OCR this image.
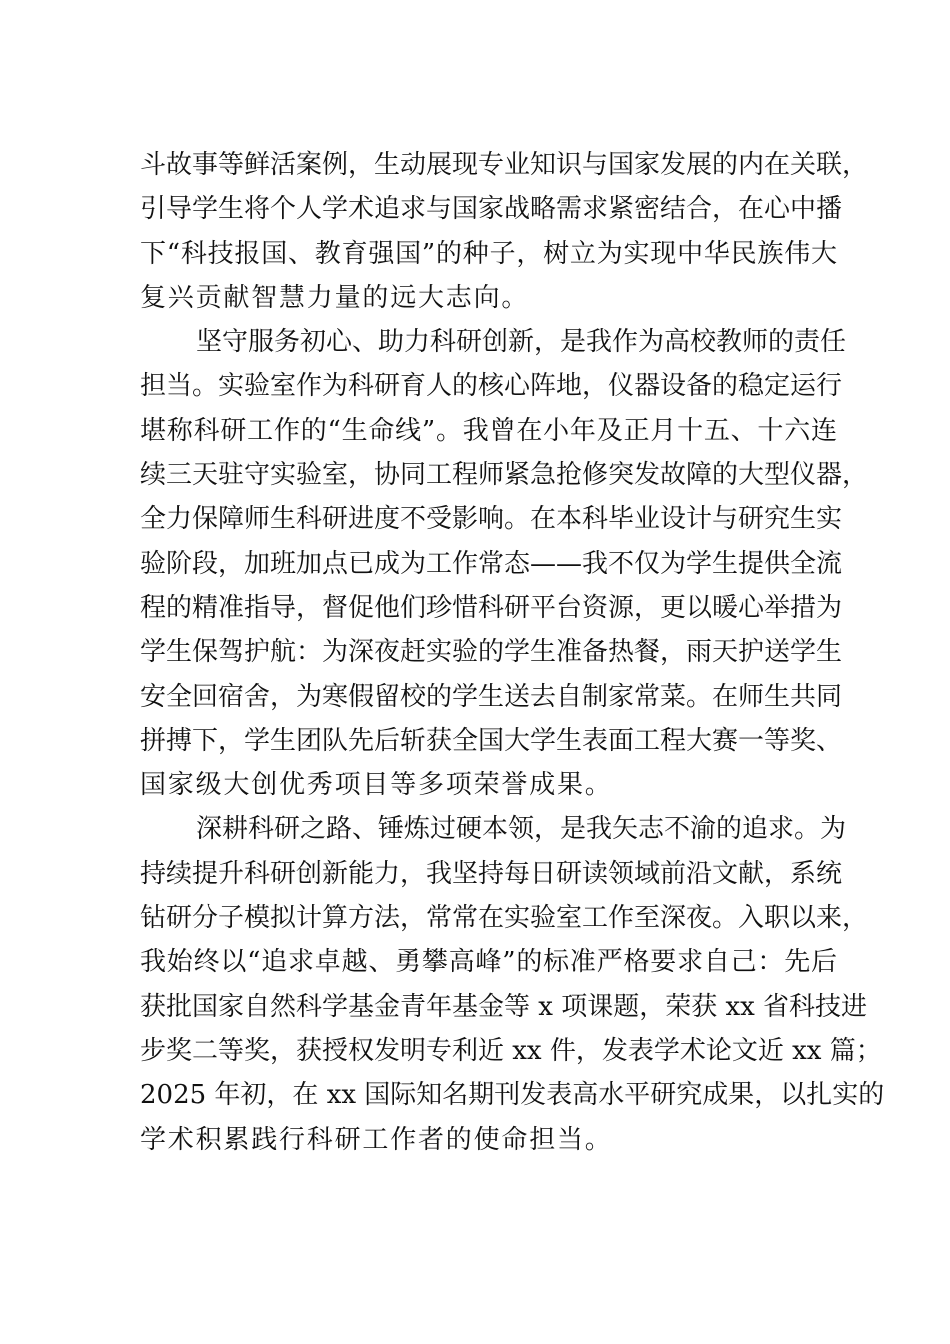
斗故事等鲜活案例，生动展现专业知识与国家发展的内在关联，
引导学生将个人学术追求与国家战略需求紧密结合，在心中播
下“科技报国、教育强国”的种子，树立为实现中华民族伟大
复兴贡献智慧力量的远大志向。
坚守服务初心、助力科研创新，是我作为高校教师的责任
担当。实验室作为科研育人的核心阵地，仪器设备的稳定运行
堪称科研工作的“生命线”。我曾在小年及正月十五、十六连
续三天驻守实验室，协同工程师紧急抢修突发故障的大型仪器，
全力保障师生科研进度不受影响。在本科毕业设计与研究生实
验阶段，加班加点已成为工作常态——我不仅为学生提供全流
程的精准指导，督促他们珍惜科研平台资源，更以暖心举措为
学生保驾护航：为深夜赶实验的学生准备热餐，雨天护送学生
安全回宿舍，为寒假留校的学生送去自制家常菜。在师生共同
拼搏下，学生团队先后斩获全国大学生表面工程大赛一等奖、
国家级大创优秀项目等多项荣誉成果。
深耕科研之路、锤炼过硬本领，是我矢志不渝的追求。为
持续提升科研创新能力，我坚持每日研读领域前沿文献，系统
钻研分子模拟计算方法，常常在实验室工作至深夜。入职以来，
我始终以“追求卓越、勇攀高峰”的标准严格要求自己：先后
获批国家自然科学基金青年基金等 x 项课题，荣获 xx 省科技进
步奖二等奖，获授权发明专利近 xx 件，发表学术论文近 xx 篇；
2025 年初，在 xx 国际知名期刊发表高水平研究成果，以扎实的
学术积累践行科研工作者的使命担当。
